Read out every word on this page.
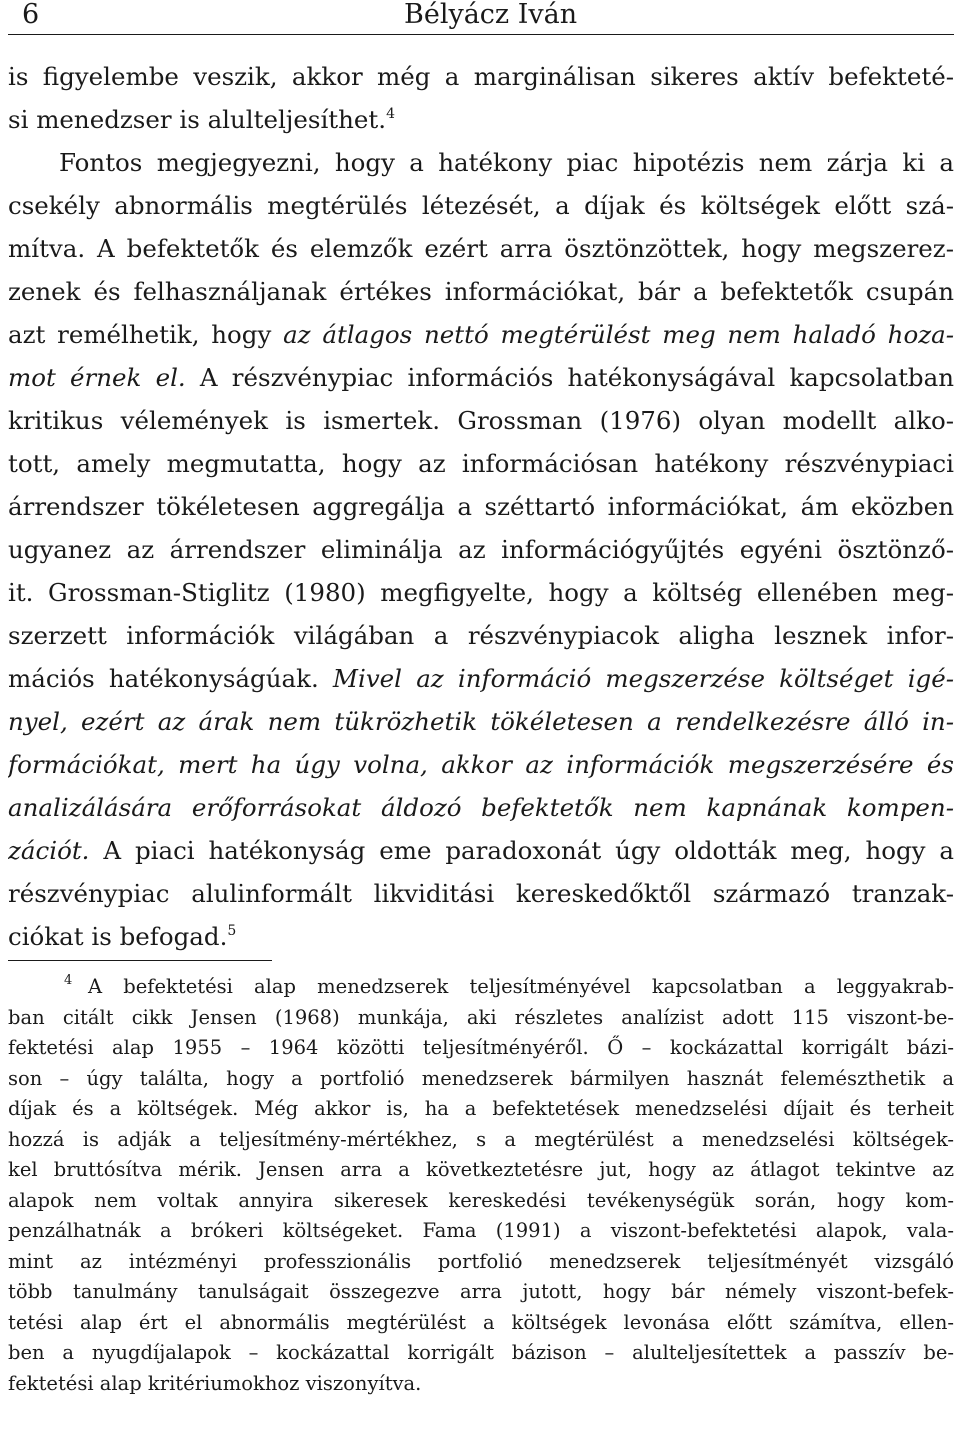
6	Bélyácz Iván
is figyelembe veszik, akkor még a marginálisan sikeres aktív befekteté-
si menedzser is alulteljesíthet.$^4$
Fontos megjegyezni, hogy a hatékony piac hipotézis nem zárja ki a
csekély abnormális megtérülés létezését, a díjak és költségek előtt szá-
mítva. A befektetők és elemzők ezért arra ösztönzöttek, hogy megszerez-
zenek és felhasználjanak értékes információkat, bár a befektetők csupán
azt remélhetik, hogy az átlagos nettó megtérülést meg nem haladó hoza-
mot érnek el. A részvénypiac információs hatékonyságával kapcsolatban
kritikus vélemények is ismertek. Grossman (1976) olyan modellt alko-
tott, amely megmutatta, hogy az információsan hatékony részvénypiaci
árrendszer tökéletesen aggregálja a széttartó információkat, ám eközben
ugyanez az árrendszer eliminálja az információgyűjtés egyéni ösztönző-
it. Grossman-Stiglitz (1980) megfigyelte, hogy a költség ellenében meg-
szerzett információk világában a részvénypiacok aligha lesznek infor-
mációs hatékonyságúak. Mivel az információ megszerzése költséget igé-
nyel, ezért az árak nem tükrözhetik tökéletesen a rendelkezésre álló in-
formációkat, mert ha úgy volna, akkor az információk megszerzésére és
analizálására erőforrásokat áldozó befektetők nem kapnának kompen-
zációt. A piaci hatékonyság eme paradoxonát úgy oldották meg, hogy a
részvénypiac alulinformált likviditási kereskedőktől származó tranzak-
ciókat is befogad.$^5$
4 A befektetési alap menedzserek teljesítményével kapcsolatban a leggyakrab-
ban citált cikk Jensen (1968) munkája, aki részletes analízist adott 115 viszont-be-
fektetési alap 1955 – 1964 közötti teljesítményéről. Ő – kockázattal korrigált bázi-
son – úgy találta, hogy a portfolió menedzserek bármilyen hasznát felemészthetik a
díjak és a költségek. Még akkor is, ha a befektetések menedzselési díjait és terheit
hozzá is adják a teljesítmény-mértékhez, s a megtérülést a menedzselési költségek-
kel bruttósítva mérik. Jensen arra a következtetésre jut, hogy az átlagot tekintve az
alapok nem voltak annyira sikeresek kereskedési tevékenységük során, hogy kom-
penzálhatnák a brókeri költségeket. Fama (1991) a viszont-befektetési alapok, vala-
mint az intézményi professzionális portfolió menedzserek teljesítményét vizsgáló
több tanulmány tanulságait összegezve arra jutott, hogy bár némely viszont-befek-
tetési alap ért el abnormális megtérülést a költségek levonása előtt számítva, ellen-
ben a nyugdíjalapok – kockázattal korrigált bázison – alulteljesítettek a passzív be-
fektetési alap kritériumokhoz viszonyítva.
